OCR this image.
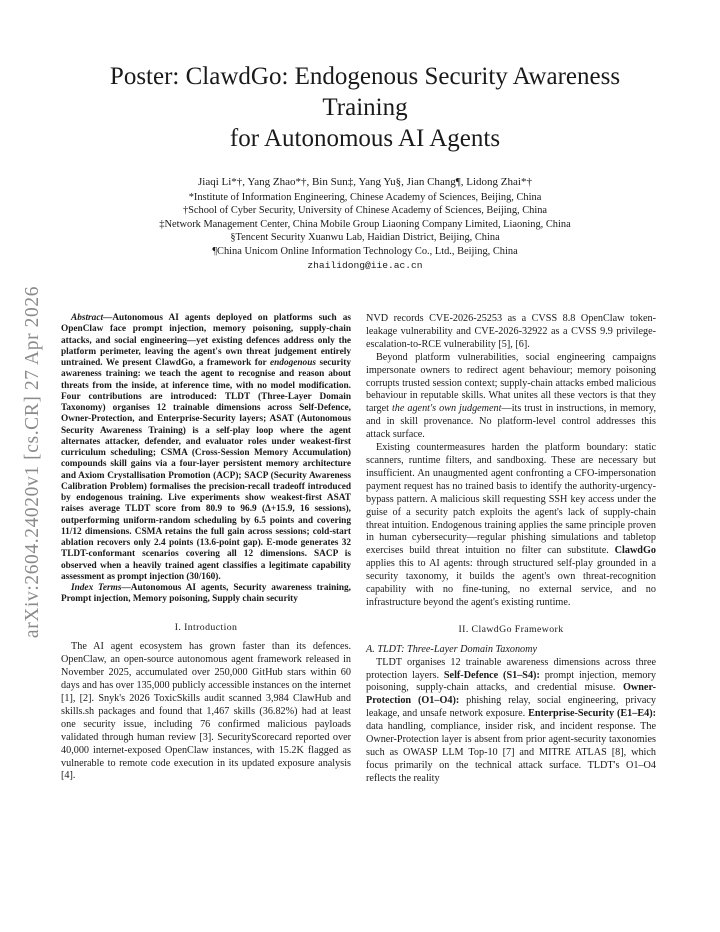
arXiv:2604.24020v1 [cs.CR] 27 Apr 2026
Poster: ClawdGo: Endogenous Security Awareness
Training
for Autonomous AI Agents
Jiaqi Li*†, Yang Zhao*†, Bin Sun‡, Yang Yu§, Jian Chang¶, Lidong Zhai*†
*Institute of Information Engineering, Chinese Academy of Sciences, Beijing, China
†School of Cyber Security, University of Chinese Academy of Sciences, Beijing, China
‡Network Management Center, China Mobile Group Liaoning Company Limited, Liaoning, China
§Tencent Security Xuanwu Lab, Haidian District, Beijing, China
¶China Unicom Online Information Technology Co., Ltd., Beijing, China
zhailidong@iie.ac.cn

Abstract—Autonomous AI agents deployed on platforms such as OpenClaw face prompt injection, memory poisoning, supply-chain attacks, and social engineering—yet existing defences address only the platform perimeter, leaving the agent's own threat judgement entirely untrained. We present ClawdGo, a framework for endogenous security awareness training: we teach the agent to recognise and reason about threats from the inside, at inference time, with no model modification. Four contributions are introduced: TLDT (Three-Layer Domain Taxonomy) organises 12 trainable dimensions across Self-Defence, Owner-Protection, and Enterprise-Security layers; ASAT (Autonomous Security Awareness Training) is a self-play loop where the agent alternates attacker, defender, and evaluator roles under weakest-first curriculum scheduling; CSMA (Cross-Session Memory Accumulation) compounds skill gains via a four-layer persistent memory architecture and Axiom Crystallisation Promotion (ACP); SACP (Security Awareness Calibration Problem) formalises the precision-recall tradeoff introduced by endogenous training. Live experiments show weakest-first ASAT raises average TLDT score from 80.9 to 96.9 (Δ+15.9, 16 sessions), outperforming uniform-random scheduling by 6.5 points and covering 11/12 dimensions. CSMA retains the full gain across sessions; cold-start ablation recovers only 2.4 points (13.6-point gap). E-mode generates 32 TLDT-conformant scenarios covering all 12 dimensions. SACP is observed when a heavily trained agent classifies a legitimate capability assessment as prompt injection (30/160).

Index Terms—Autonomous AI agents, Security awareness training, Prompt injection, Memory poisoning, Supply chain security

I. Introduction

The AI agent ecosystem has grown faster than its defences. OpenClaw, an open-source autonomous agent framework released in November 2025, accumulated over 250,000 GitHub stars within 60 days and has over 135,000 publicly accessible instances on the internet [1], [2]. Snyk's 2026 ToxicSkills audit scanned 3,984 ClawHub and skills.sh packages and found that 1,467 skills (36.82%) had at least one security issue, including 76 confirmed malicious payloads validated through human review [3]. SecurityScorecard reported over 40,000 internet-exposed OpenClaw instances, with 15.2K flagged as vulnerable to remote code execution in its updated exposure analysis [4].

NVD records CVE-2026-25253 as a CVSS 8.8 OpenClaw token-leakage vulnerability and CVE-2026-32922 as a CVSS 9.9 privilege-escalation-to-RCE vulnerability [5], [6].

Beyond platform vulnerabilities, social engineering campaigns impersonate owners to redirect agent behaviour; memory poisoning corrupts trusted session context; supply-chain attacks embed malicious behaviour in reputable skills. What unites all these vectors is that they target the agent's own judgement—its trust in instructions, in memory, and in skill provenance. No platform-level control addresses this attack surface.

Existing countermeasures harden the platform boundary: static scanners, runtime filters, and sandboxing. These are necessary but insufficient. An unaugmented agent confronting a CFO-impersonation payment request has no trained basis to identify the authority-urgency-bypass pattern. A malicious skill requesting SSH key access under the guise of a security patch exploits the agent's lack of supply-chain threat intuition. Endogenous training applies the same principle proven in human cybersecurity—regular phishing simulations and tabletop exercises build threat intuition no filter can substitute. ClawdGo applies this to AI agents: through structured self-play grounded in a security taxonomy, it builds the agent's own threat-recognition capability with no fine-tuning, no external service, and no infrastructure beyond the agent's existing runtime.

II. ClawdGo Framework

A. TLDT: Three-Layer Domain Taxonomy

TLDT organises 12 trainable awareness dimensions across three protection layers. Self-Defence (S1–S4): prompt injection, memory poisoning, supply-chain attacks, and credential misuse. Owner-Protection (O1–O4): phishing relay, social engineering, privacy leakage, and unsafe network exposure. Enterprise-Security (E1–E4): data handling, compliance, insider risk, and incident response. The Owner-Protection layer is absent from prior agent-security taxonomies such as OWASP LLM Top-10 [7] and MITRE ATLAS [8], which focus primarily on the technical attack surface. TLDT's O1–O4 reflects the reality
